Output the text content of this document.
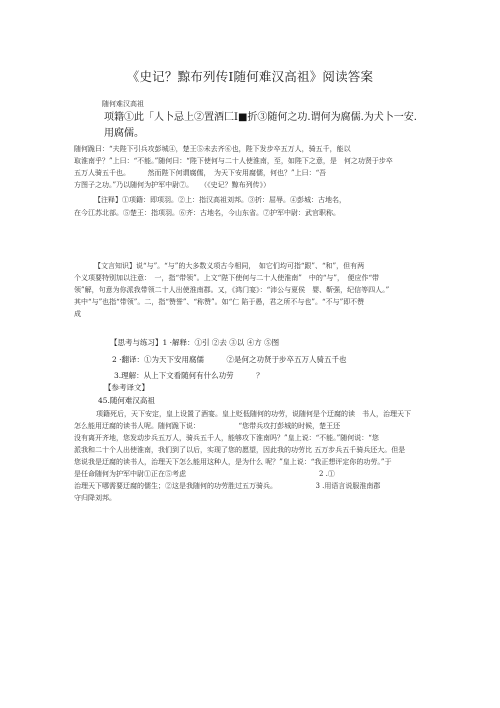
《史记？黥布列传Ⅰ随何难汉高祖》阅读答案
随何难汉高祖
项籍①此「人卜忌上②置酒匚Ⅰ■折③随何之功.谓何为腐儒.为犬卜一安.
用腐儒。
随何跪曰：“夫陛下引兵攻彭城④，楚王⑤未去齐⑥也，陛下发步卒五万人，骑五千，能以
取淮南乎？”上曰：“不能。”随何曰：“陛下使何与二十人使淮南，至，如陛下之意，是　何之功贤于步卒
五万人骑五千也。　　　然而陛下何谓腐儒，　为天下安用腐儒，何也？”上曰：“吾
方图子之功。”乃以随何为护军中尉⑦。　　（《史记？黥布列传》）
【注释】①项籍：即项羽。②上：指汉高祖刘邦。③折：屈辱。④彭城：古地名，
在今江苏北部。⑤楚王：指项羽。⑥齐：古地名，今山东省。⑦护军中尉：武官职称。
【文言知识】说“与”。“与”的大多数义项古今相同，　如它们均可指“跟”、“和”，但有两
个义项要特别加以注意：　一，指“带领”。上文“陛下使何与二十人使淮南”　中的“与”，　便应作“带
领”解，句意为你派我带领二十人出使淮南郡。又，《鸿门宴》：“沛公与夏侯　婴、靳强，纪信等四人。”
其中“与”也指“带领”。二，指“赞誉”、“称赞”。如“仁 陷于愚，君之所不与也”。“不与”即不赞
成
【思考与练习】1 ·解释：①引 ②去 ③以 ④方 ⑤图
2 ·翻译：①为天下安用腐儒　　　②是何之功贤于步卒五万人骑五千也
3.理解：从上下文看随何有什么功劳　　　？
【参考译文】
45.随何难汉高祖
项籍死后，天下安定，皇上设置了酒宴。皇上贬低随何的功劳，说随何是个迂腐的读　书人，治理天下
怎么能用迂腐的读书人呢。随何跪下说：　　　　　　“您带兵攻打彭城的时候，楚王还
没有离开齐地，您发动步兵五万人，骑兵五千人，能够攻下淮南吗？”皇上说：“不能。”随何说：“您
派我和二十个人出使淮南，我们到了以后，实现了您的愿望，因此我的功劳比 五万步兵五千骑兵还大。但是
您说我是迂腐的读书人，治理天下怎么能用这种人，是为什么 呢？”皇上说：“我正想评定你的功劳。”于
是任命随何为护军中尉①正在⑤考虑　　　　　　　　　　　　　　　　　　　2 .①
治理天下哪需要迂腐的儒生；②这是我随何的功劳胜过五万骑兵。　　　　　　3 .用语言说服淮南郡
守归降刘邦。
